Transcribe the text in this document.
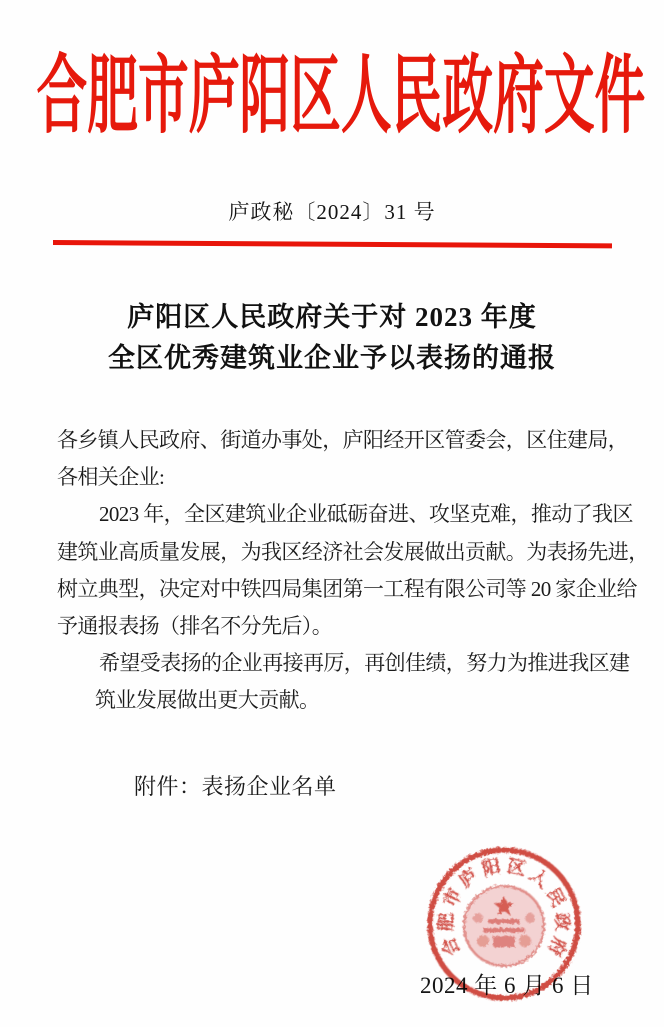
合肥市庐阳区人民政府文件
庐政秘〔2024〕31 号
庐阳区人民政府关于对 2023 年度
全区优秀建筑业企业予以表扬的通报
各乡镇人民政府、街道办事处，庐阳经开区管委会，区住建局，
各相关企业:
2023 年，全区建筑业企业砥砺奋进、攻坚克难，推动了我区
建筑业高质量发展，为我区经济社会发展做出贡献。为表扬先进，
树立典型，决定对中铁四局集团第一工程有限公司等 20 家企业给
予通报表扬（排名不分先后）。
希望受表扬的企业再接再厉，再创佳绩，努力为推进我区建
筑业发展做出更大贡献。
附件：表扬企业名单
2024 年 6 月 6 日
合
肥
市
庐
阳 区
人
民
政
府
